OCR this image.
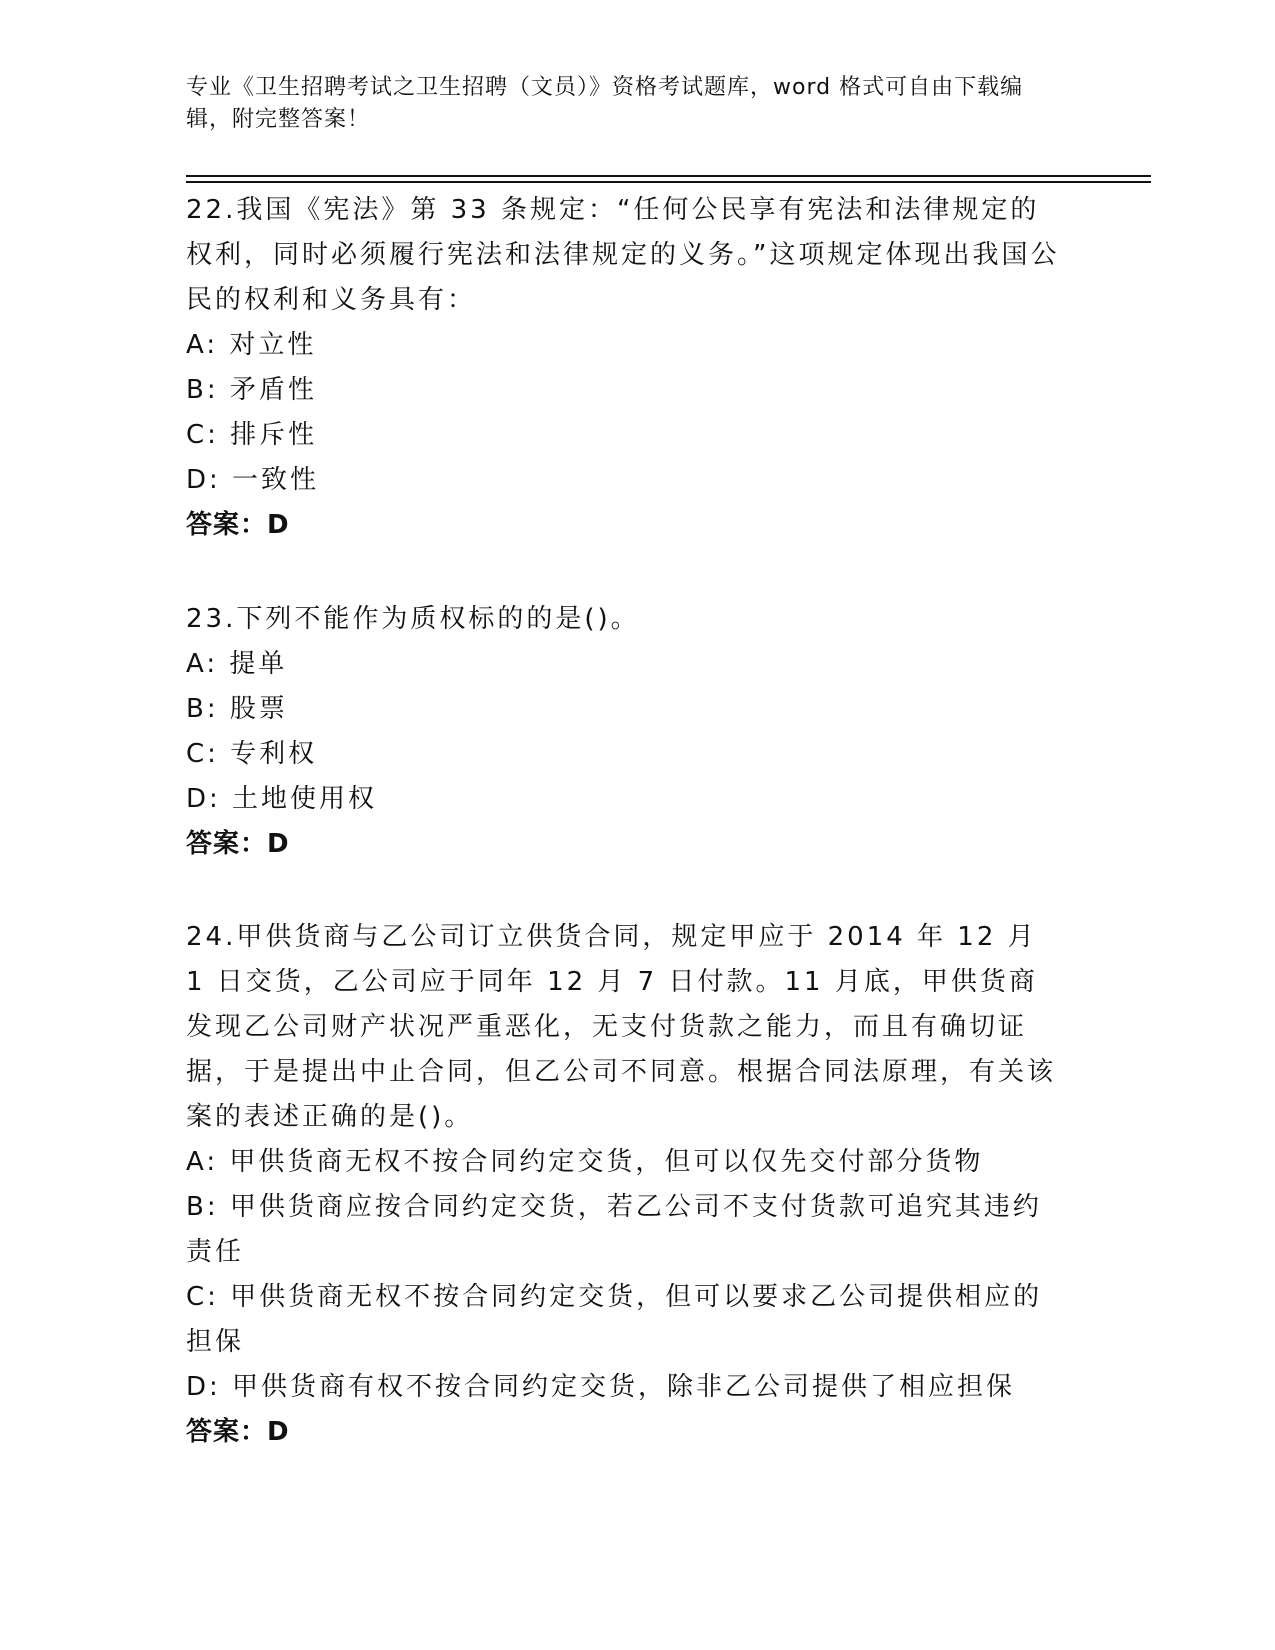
专业《卫生招聘考试之卫生招聘（文员）》资格考试题库，word 格式可自由下载编辑，附完整答案！
22.我国《宪法》第 33 条规定：“任何公民享有宪法和法律规定的权利，同时必须履行宪法和法律规定的义务。”这项规定体现出我国公民的权利和义务具有：
A: 对立性
B: 矛盾性
C: 排斥性
D: 一致性
答案：D
23.下列不能作为质权标的的是()。
A: 提单
B: 股票
C: 专利权
D: 土地使用权
答案：D
24.甲供货商与乙公司订立供货合同，规定甲应于 2014 年 12 月 1 日交货，乙公司应于同年 12 月 7 日付款。11 月底，甲供货商发现乙公司财产状况严重恶化，无支付货款之能力，而且有确切证据，于是提出中止合同，但乙公司不同意。根据合同法原理，有关该案的表述正确的是()。
A: 甲供货商无权不按合同约定交货，但可以仅先交付部分货物
B: 甲供货商应按合同约定交货，若乙公司不支付货款可追究其违约责任
C: 甲供货商无权不按合同约定交货，但可以要求乙公司提供相应的担保
D: 甲供货商有权不按合同约定交货，除非乙公司提供了相应担保
答案：D
